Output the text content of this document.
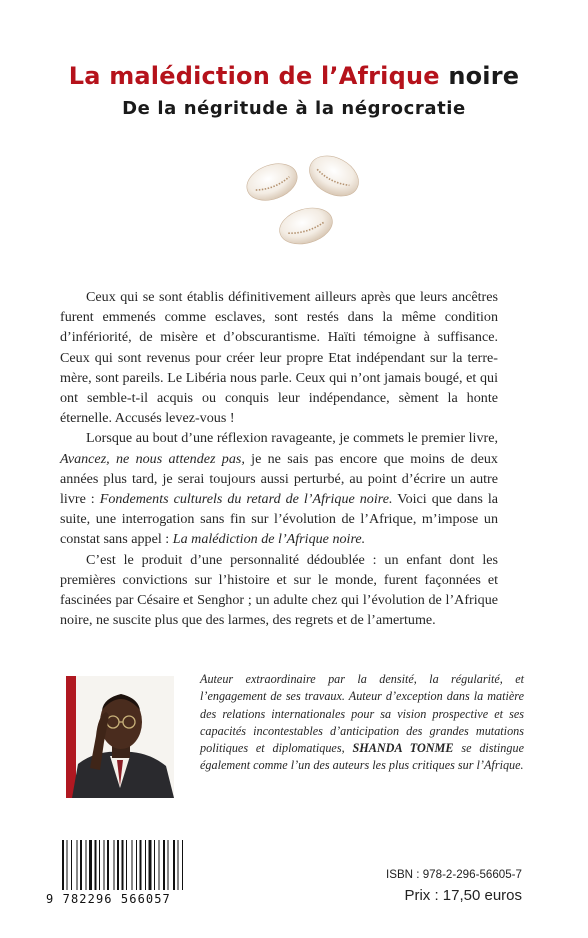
La malédiction de l’Afrique noire
De la négritude à la négrocratie

Ceux qui se sont établis définitivement ailleurs après que leurs ancêtres furent emmenés comme esclaves, sont restés dans la même condition d’infériorité, de misère et d’obscurantisme. Haïti témoigne à suffisance. Ceux qui sont revenus pour créer leur propre Etat indépendant sur la terre-mère, sont pareils. Le Libéria nous parle. Ceux qui n’ont jamais bougé, et qui ont semble-t-il acquis ou conquis leur indépendance, sèment la honte éternelle. Accusés levez-vous !

Lorsque au bout d’une réflexion ravageante, je commets le premier livre, Avancez, ne nous attendez pas, je ne sais pas encore que moins de deux années plus tard, je serai toujours aussi perturbé, au point d’écrire un autre livre : Fondements culturels du retard de l’Afrique noire. Voici que dans la suite, une interrogation sans fin sur l’évolution de l’Afrique, m’impose un constat sans appel : La malédiction de l’Afrique noire.

C’est le produit d’une personnalité dédoublée : un enfant dont les premières convictions sur l’histoire et sur le monde, furent façonnées et fascinées par Césaire et Senghor ; un adulte chez qui l’évolution de l’Afrique noire, ne suscite plus que des larmes, des regrets et de l’amertume.

Auteur extraordinaire par la densité, la régularité, et l’engagement de ses travaux. Auteur d’exception dans la matière des relations internationales pour sa vision prospective et ses capacités incontestables d’anticipation des grandes mutations politiques et diplomatiques, SHANDA TONME se distingue également comme l’un des auteurs les plus critiques sur l’Afrique.
9 782296 566057
ISBN : 978-2-296-56605-7
Prix : 17,50 euros
